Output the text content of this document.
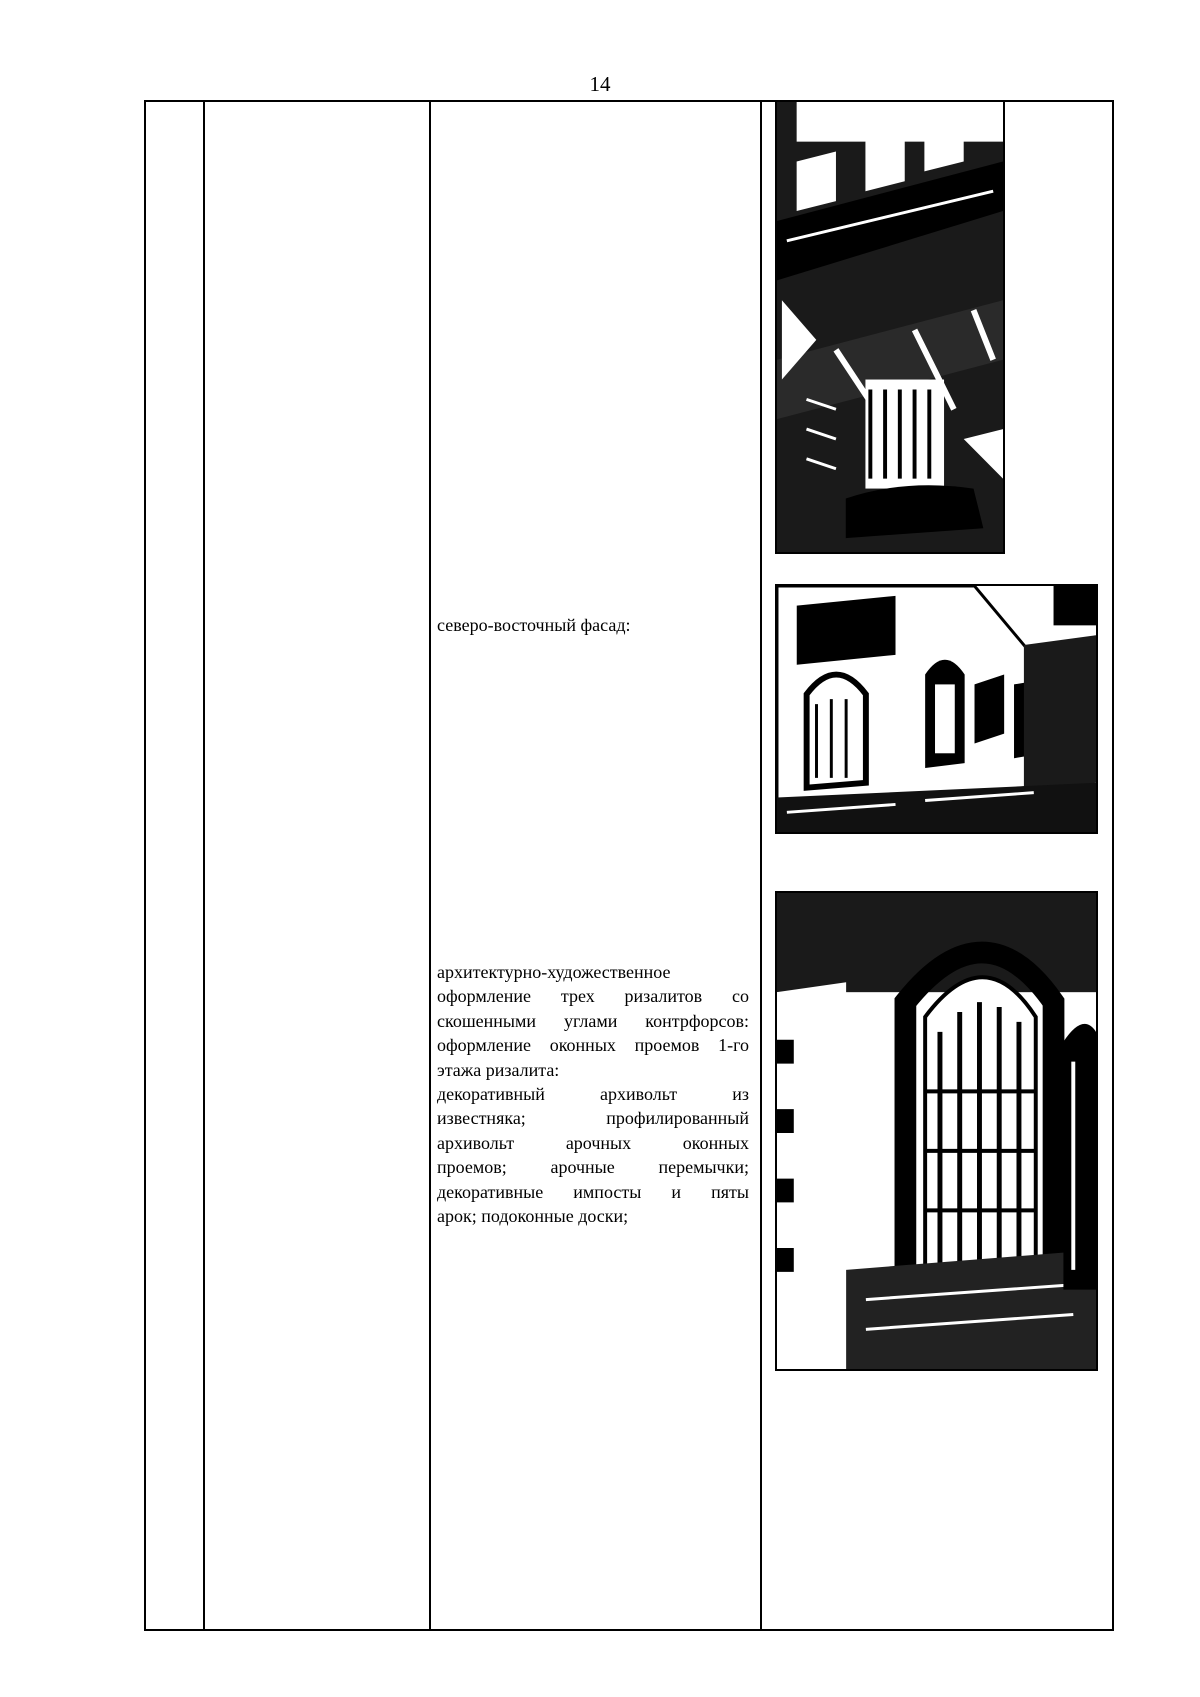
14
северо-восточный фасад:
архитектурно-художественное
оформление трех ризалитов со
скошенными углами контрфорсов:
оформление оконных проемов 1-го
этажа ризалита:
декоративный архивольт из
известняка; профилированный
архивольт арочных оконных
проемов; арочные перемычки;
декоративные импосты и пяты
арок; подоконные доски;
